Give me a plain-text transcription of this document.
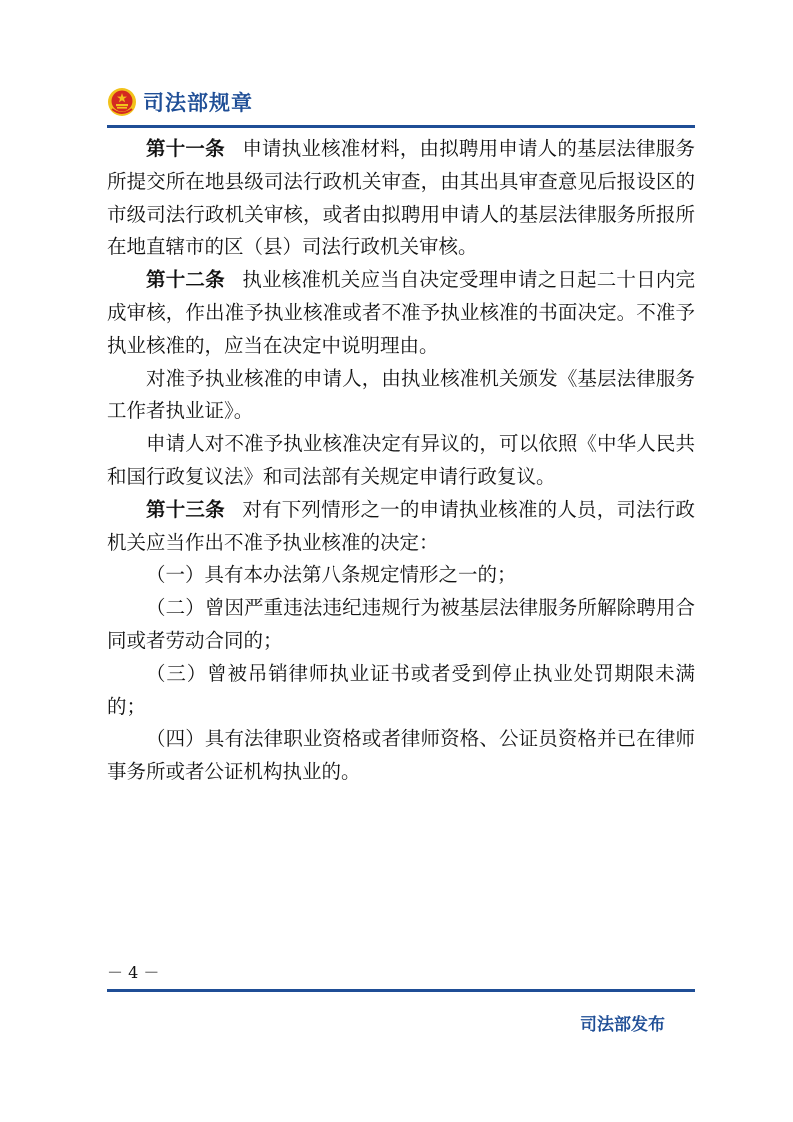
司法部规章

第十一条 申请执业核准材料，由拟聘用申请人的基层法律服务所提交所在地县级司法行政机关审查，由其出具审查意见后报设区的市级司法行政机关审核，或者由拟聘用申请人的基层法律服务所报所在地直辖市的区（县）司法行政机关审核。

第十二条 执业核准机关应当自决定受理申请之日起二十日内完成审核，作出准予执业核准或者不准予执业核准的书面决定。不准予执业核准的，应当在决定中说明理由。

对准予执业核准的申请人，由执业核准机关颁发《基层法律服务工作者执业证》。

申请人对不准予执业核准决定有异议的，可以依照《中华人民共和国行政复议法》和司法部有关规定申请行政复议。

第十三条 对有下列情形之一的申请执业核准的人员，司法行政机关应当作出不准予执业核准的决定：

（一）具有本办法第八条规定情形之一的；

（二）曾因严重违法违纪违规行为被基层法律服务所解除聘用合同或者劳动合同的；

（三）曾被吊销律师执业证书或者受到停止执业处罚期限未满的；

（四）具有法律职业资格或者律师资格、公证员资格并已在律师事务所或者公证机构执业的。

－ 4 －
司法部发布
